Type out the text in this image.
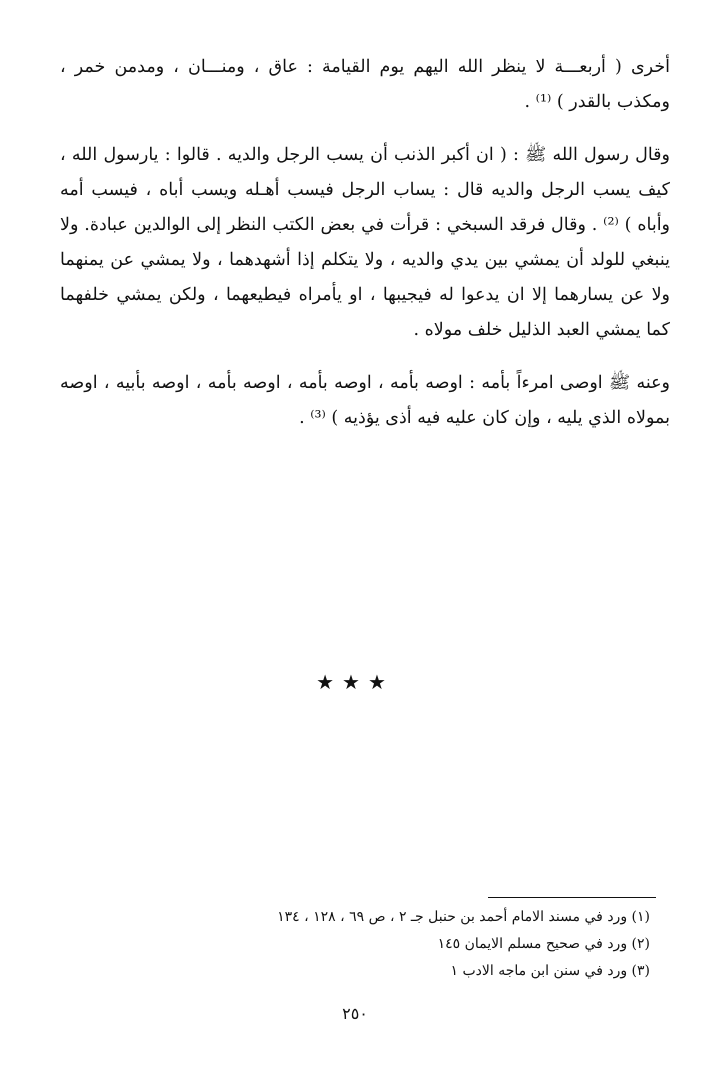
أخرى ( أربعـــة لا ينظر الله اليهم يوم القيامة : عاق ، ومنـــان ، ومدمن خمر ، ومكذب بالقدر ) ⁽¹⁾ .

وقال رسول الله ﷺ : ( ان أكبر الذنب أن يسب الرجل والديه . قالوا : يارسول الله ، كيف يسب الرجل والديه قال : يساب الرجل فيسب أهـله ويسب أباه ، فيسب أمه وأباه ) ⁽²⁾ . وقال فرقد السبخي : قرأت في بعض الكتب النظر إلى الوالدين عبادة. ولا ينبغي للولد أن يمشي بين يدي والديه ، ولا يتكلم إذا أشهدهما ، ولا يمشي عن يمنهما ولا عن يسارهما إلا ان يدعوا له فيجيبها ، او يأمراه فيطيعهما ، ولكن يمشي خلفهما كما يمشي العبد الذليل خلف مولاه .

وعنه ﷺ اوصى امرءاً بأمه : اوصه بأمه ، اوصه بأمه ، اوصه بأمه ، اوصه بأبيه ، اوصه بمولاه الذي يليه ، وإن كان عليه فيه أذى يؤذيه ) ⁽³⁾ .

★★★
(١) ورد في مسند الامام أحمد بن حنبل جـ ٢ ، ص ٦٩ ، ١٢٨ ، ١٣٤
(٢) ورد في صحيح مسلم الايمان ١٤٥
(٣) ورد في سنن ابن ماجه الادب ١
٢٥٠
